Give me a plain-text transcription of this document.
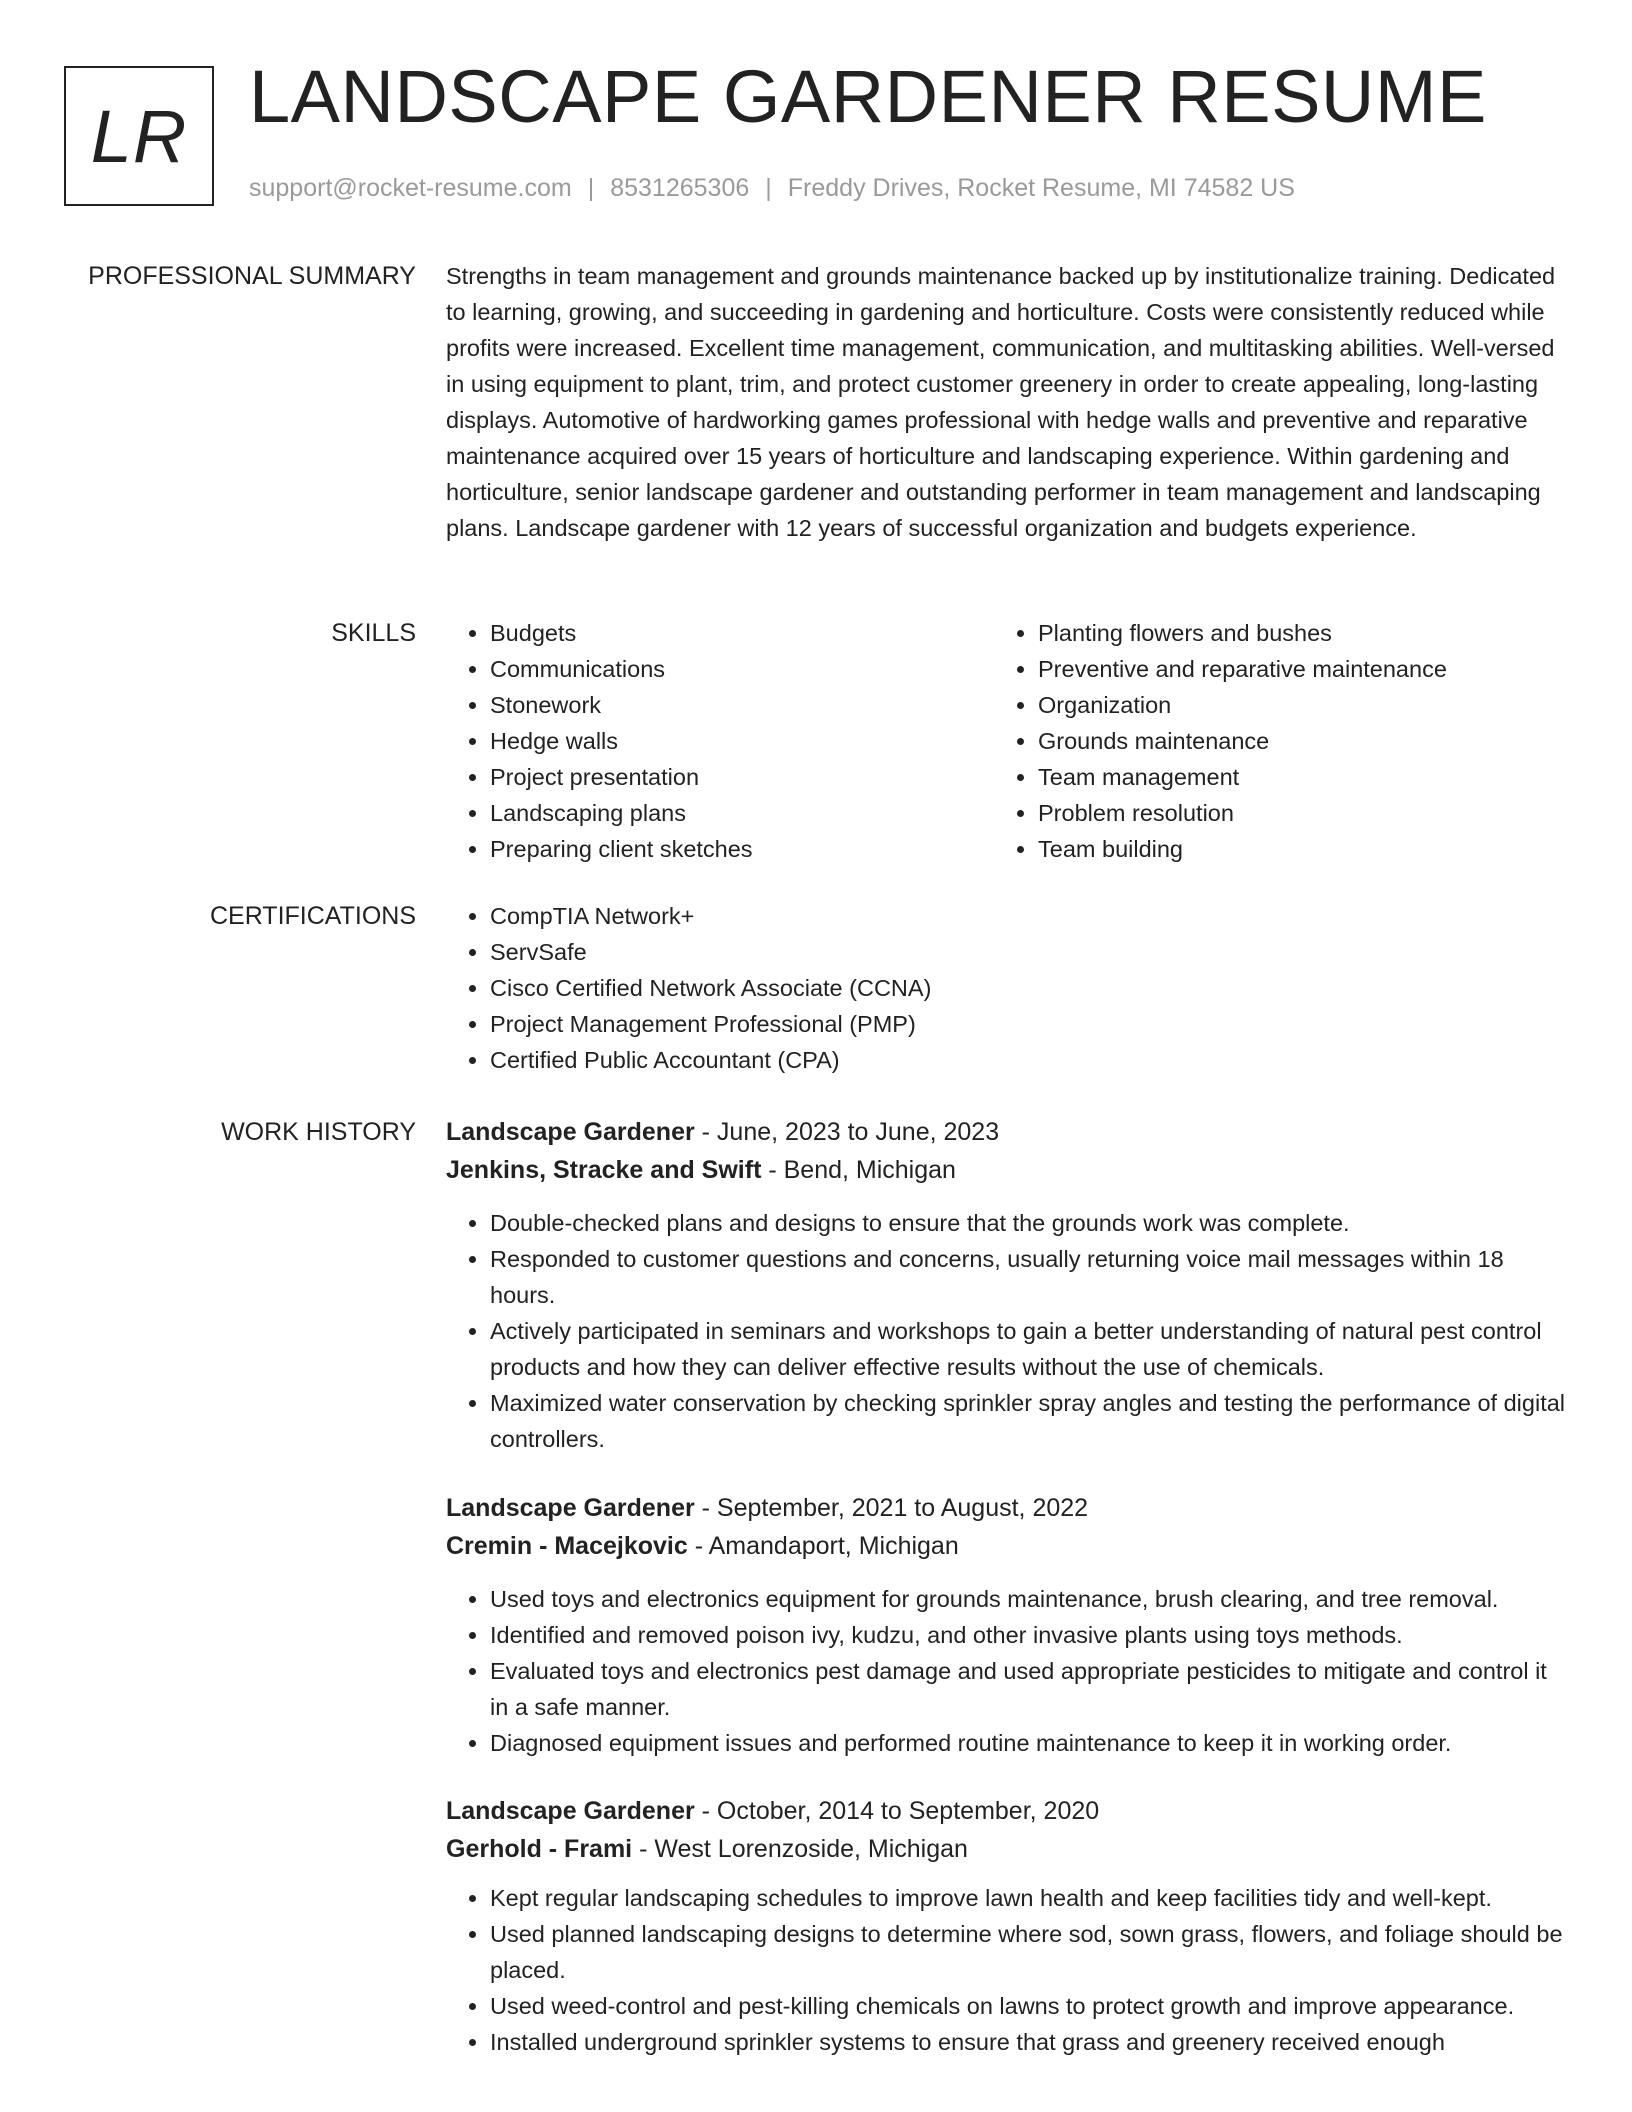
LR LANDSCAPE GARDENER RESUME
support@rocket-resume.com | 8531265306 | Freddy Drives, Rocket Resume, MI 74582 US
PROFESSIONAL SUMMARY Strengths in team management and grounds maintenance backed up by institutionalize training. Dedicated to learning, growing, and succeeding in gardening and horticulture. Costs were consistently reduced while profits were increased. Excellent time management, communication, and multitasking abilities. Well-versed in using equipment to plant, trim, and protect customer greenery in order to create appealing, long-lasting displays. Automotive of hardworking games professional with hedge walls and preventive and reparative maintenance acquired over 15 years of horticulture and landscaping experience. Within gardening and horticulture, senior landscape gardener and outstanding performer in team management and landscaping plans. Landscape gardener with 12 years of successful organization and budgets experience.

SKILLS	• Budgets
• Communications
• Stonework
• Hedge walls
• Project presentation
• Landscaping plans
• Preparing client sketches
• Planting flowers and bushes
• Preventive and reparative maintenance
• Organization
• Grounds maintenance
• Team management
• Problem resolution
• Team building
CERTIFICATIONS	• CompTIA Network+
• ServSafe
• Cisco Certified Network Associate (CCNA)
• Project Management Professional (PMP)
• Certified Public Accountant (CPA)
WORK HISTORY Landscape Gardener - June, 2023 to June, 2023
Jenkins, Stracke and Swift - Bend, Michigan
• Double-checked plans and designs to ensure that the grounds work was complete.
• Responded to customer questions and concerns, usually returning voice mail messages within 18 hours.
• Actively participated in seminars and workshops to gain a better understanding of natural pest control products and how they can deliver effective results without the use of chemicals.
• Maximized water conservation by checking sprinkler spray angles and testing the performance of digital controllers.
Landscape Gardener - September, 2021 to August, 2022
Cremin - Macejkovic - Amandaport, Michigan
• Used toys and electronics equipment for grounds maintenance, brush clearing, and tree removal.
• Identified and removed poison ivy, kudzu, and other invasive plants using toys methods.
• Evaluated toys and electronics pest damage and used appropriate pesticides to mitigate and control it in a safe manner.
• Diagnosed equipment issues and performed routine maintenance to keep it in working order.
Landscape Gardener - October, 2014 to September, 2020
Gerhold - Frami - West Lorenzoside, Michigan
• Kept regular landscaping schedules to improve lawn health and keep facilities tidy and well-kept.
• Used planned landscaping designs to determine where sod, sown grass, flowers, and foliage should be placed.
• Used weed-control and pest-killing chemicals on lawns to protect growth and improve appearance.
• Installed underground sprinkler systems to ensure that grass and greenery received enough
